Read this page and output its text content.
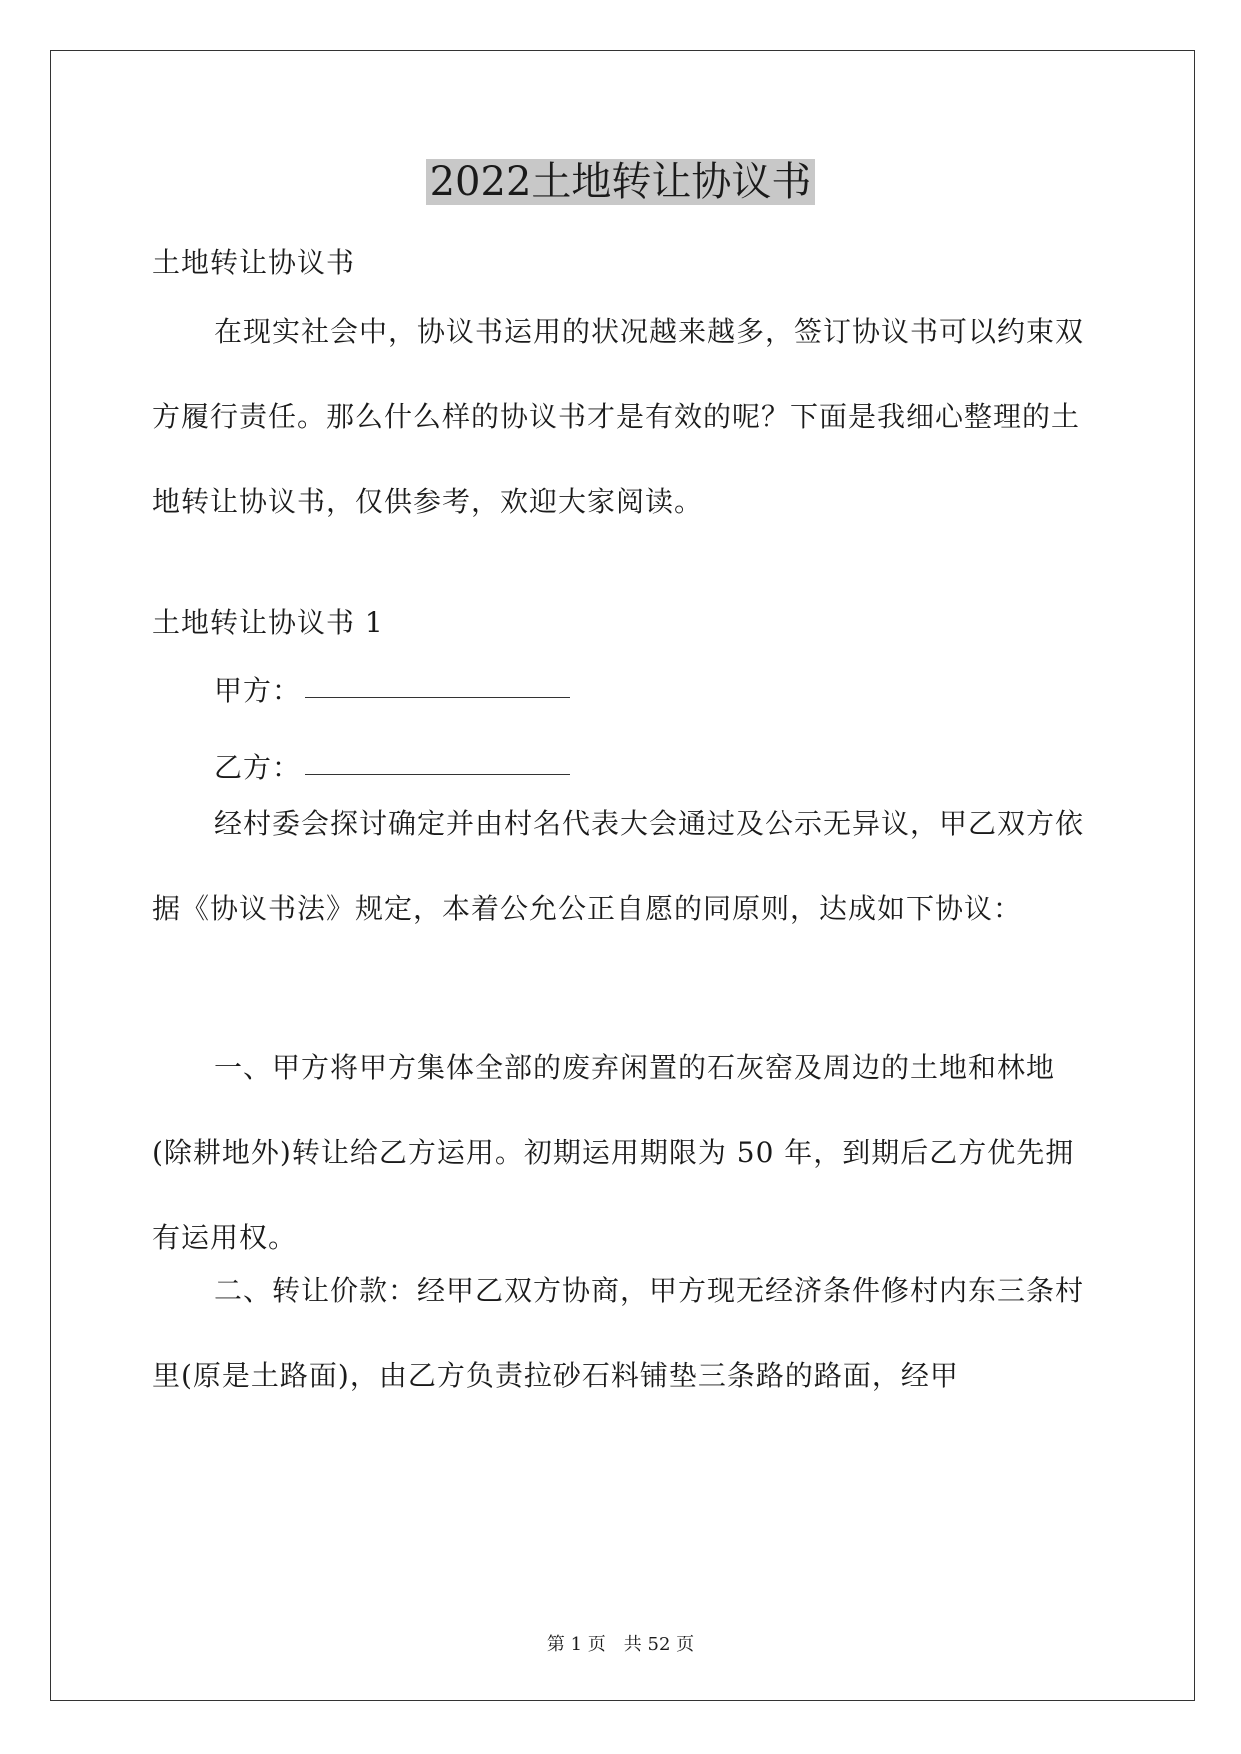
2022土地转让协议书

土地转让协议书

在现实社会中，协议书运用的状况越来越多，签订协议书可以约束双方履行责任。那么什么样的协议书才是有效的呢？下面是我细心整理的土地转让协议书，仅供参考，欢迎大家阅读。

土地转让协议书 1

甲方：

乙方：

经村委会探讨确定并由村名代表大会通过及公示无异议，甲乙双方依据《协议书法》规定，本着公允公正自愿的同原则，达成如下协议：

一、甲方将甲方集体全部的废弃闲置的石灰窑及周边的土地和林地(除耕地外)转让给乙方运用。初期运用期限为 50 年，到期后乙方优先拥有运用权。

二、转让价款：经甲乙双方协商，甲方现无经济条件修村内东三条村里(原是土路面)，由乙方负责拉砂石料铺垫三条路的路面，经甲

第 1 页　共 52 页
